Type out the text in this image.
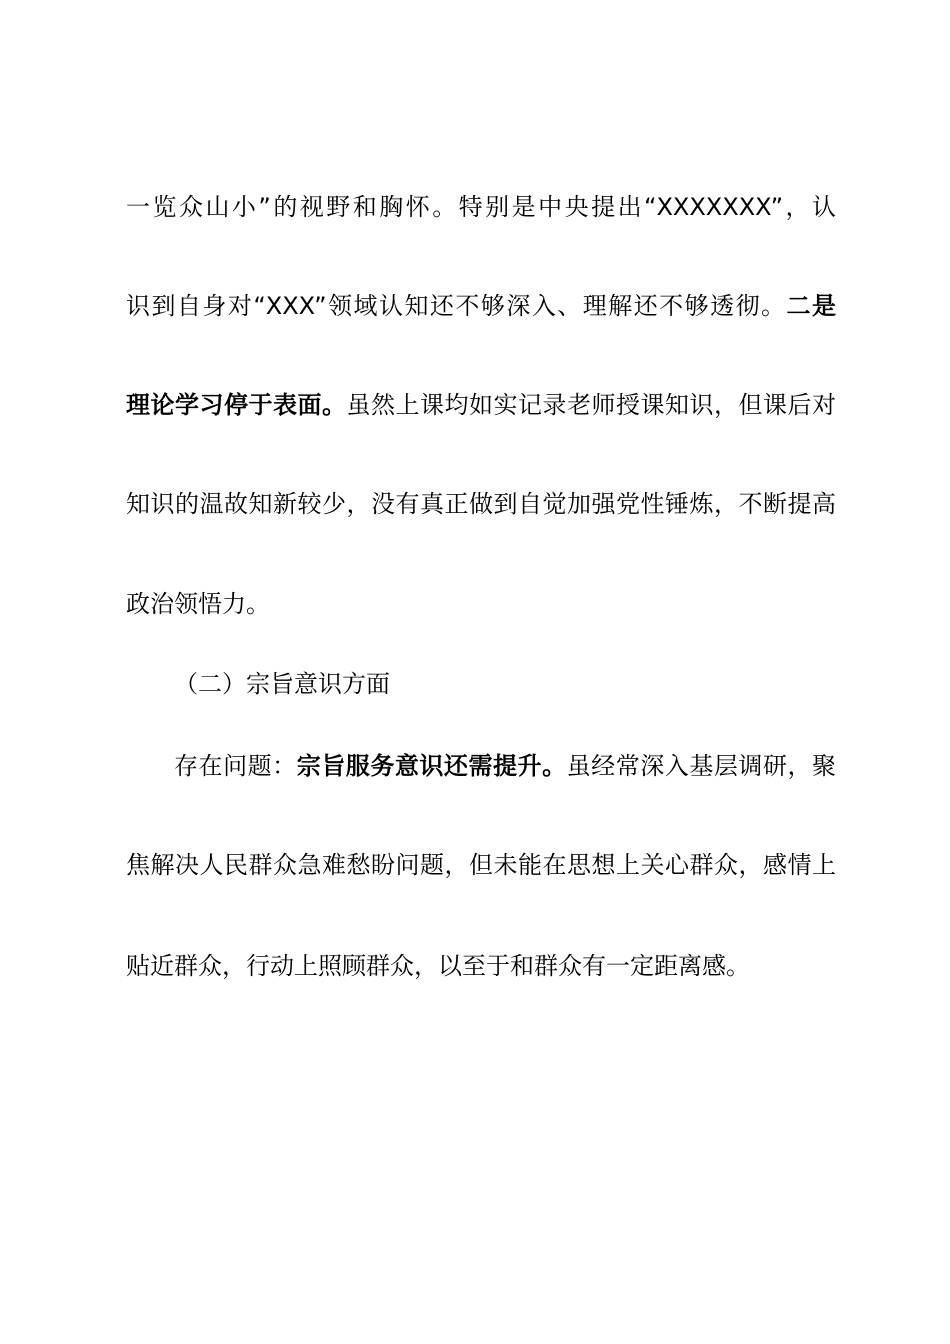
一览众山小”的视野和胸怀。特别是中央提出“XXXXXXX”，认
识到自身对“XXX”领域认知还不够深入、理解还不够透彻。二是
理论学习停于表面。虽然上课均如实记录老师授课知识，但课后对
知识的温故知新较少，没有真正做到自觉加强党性锤炼，不断提高
政治领悟力。
（二）宗旨意识方面
存在问题：宗旨服务意识还需提升。虽经常深入基层调研，聚
焦解决人民群众急难愁盼问题，但未能在思想上关心群众，感情上
贴近群众，行动上照顾群众，以至于和群众有一定距离感。
